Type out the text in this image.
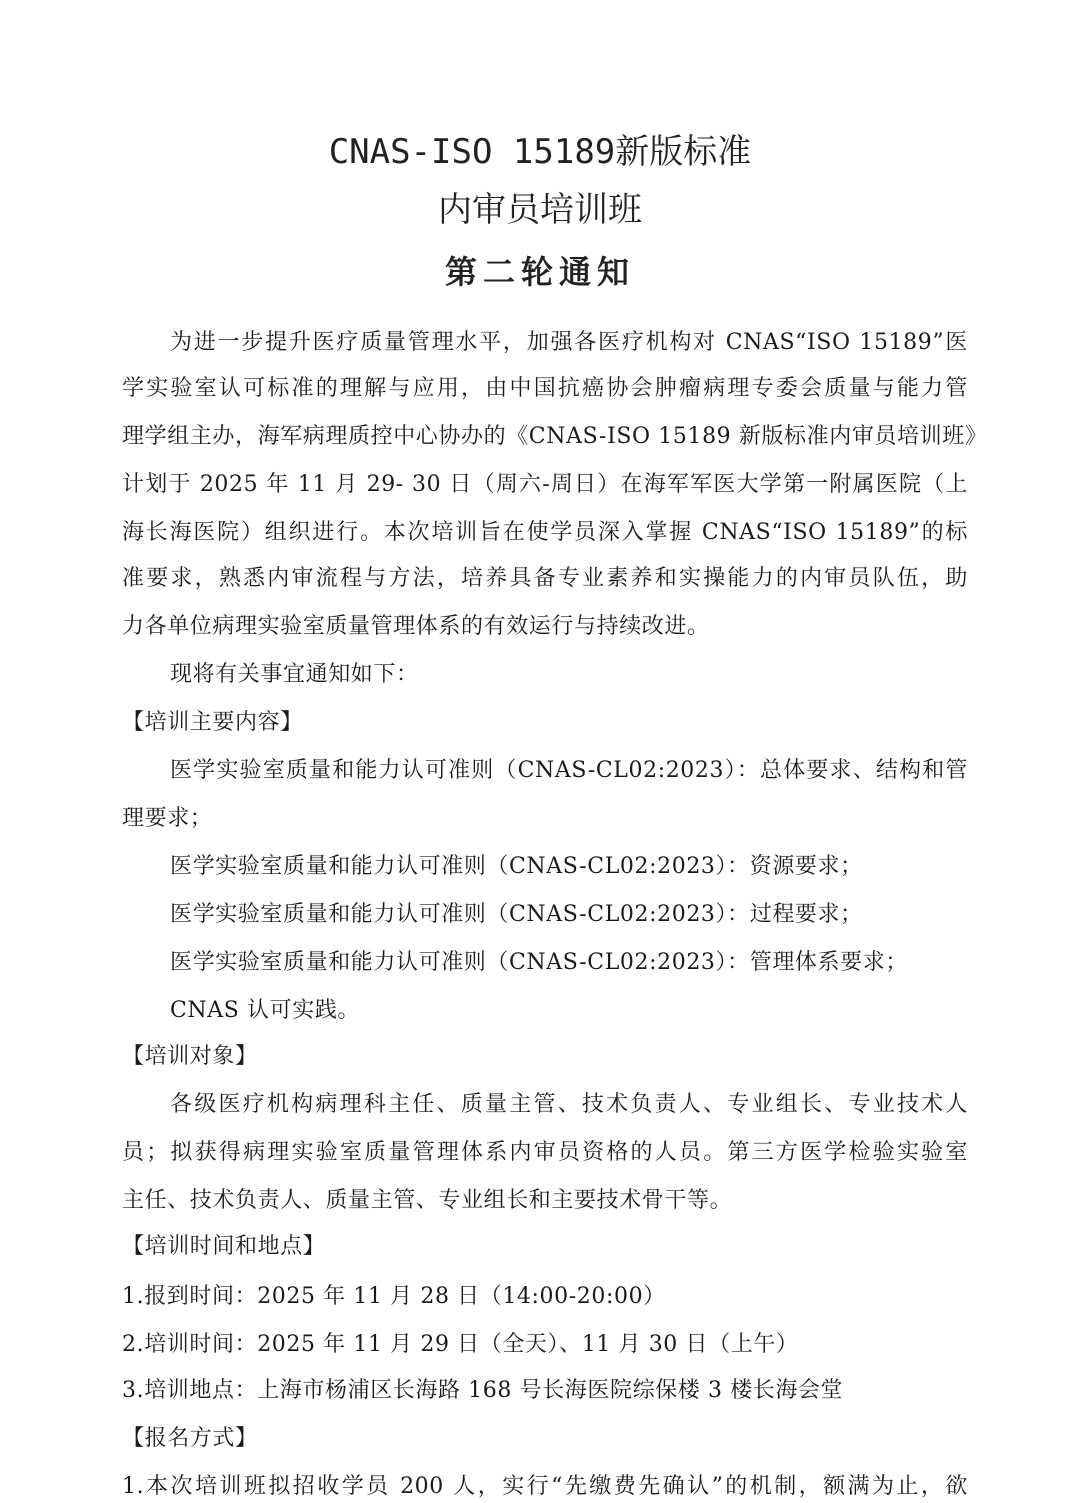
CNAS-ISO 15189新版标准
内审员培训班
第二轮通知
为进一步提升医疗质量管理水平，加强各医疗机构对 CNAS“ISO 15189”医
学实验室认可标准的理解与应用，由中国抗癌协会肿瘤病理专委会质量与能力管
理学组主办，海军病理质控中心协办的《CNAS-ISO 15189 新版标准内审员培训班》
计划于 2025 年 11 月 29- 30 日（周六-周日）在海军军医大学第一附属医院（上
海长海医院）组织进行。本次培训旨在使学员深入掌握 CNAS“ISO 15189”的标
准要求，熟悉内审流程与方法，培养具备专业素养和实操能力的内审员队伍，助
力各单位病理实验室质量管理体系的有效运行与持续改进。
现将有关事宜通知如下：
【培训主要内容】
医学实验室质量和能力认可准则（CNAS-CL02:2023）：总体要求、结构和管
理要求；
医学实验室质量和能力认可准则（CNAS-CL02:2023）：资源要求；
医学实验室质量和能力认可准则（CNAS-CL02:2023）：过程要求；
医学实验室质量和能力认可准则（CNAS-CL02:2023）：管理体系要求；
CNAS 认可实践。
【培训对象】
各级医疗机构病理科主任、质量主管、技术负责人、专业组长、专业技术人
员；拟获得病理实验室质量管理体系内审员资格的人员。第三方医学检验实验室
主任、技术负责人、质量主管、专业组长和主要技术骨干等。
【培训时间和地点】
1.报到时间：2025 年 11 月 28 日（14:00-20:00）
2.培训时间：2025 年 11 月 29 日（全天）、11 月 30 日（上午）
3.培训地点：上海市杨浦区长海路 168 号长海医院综保楼 3 楼长海会堂
【报名方式】
1.本次培训班拟招收学员 200 人，实行“先缴费先确认”的机制，额满为止，欲
